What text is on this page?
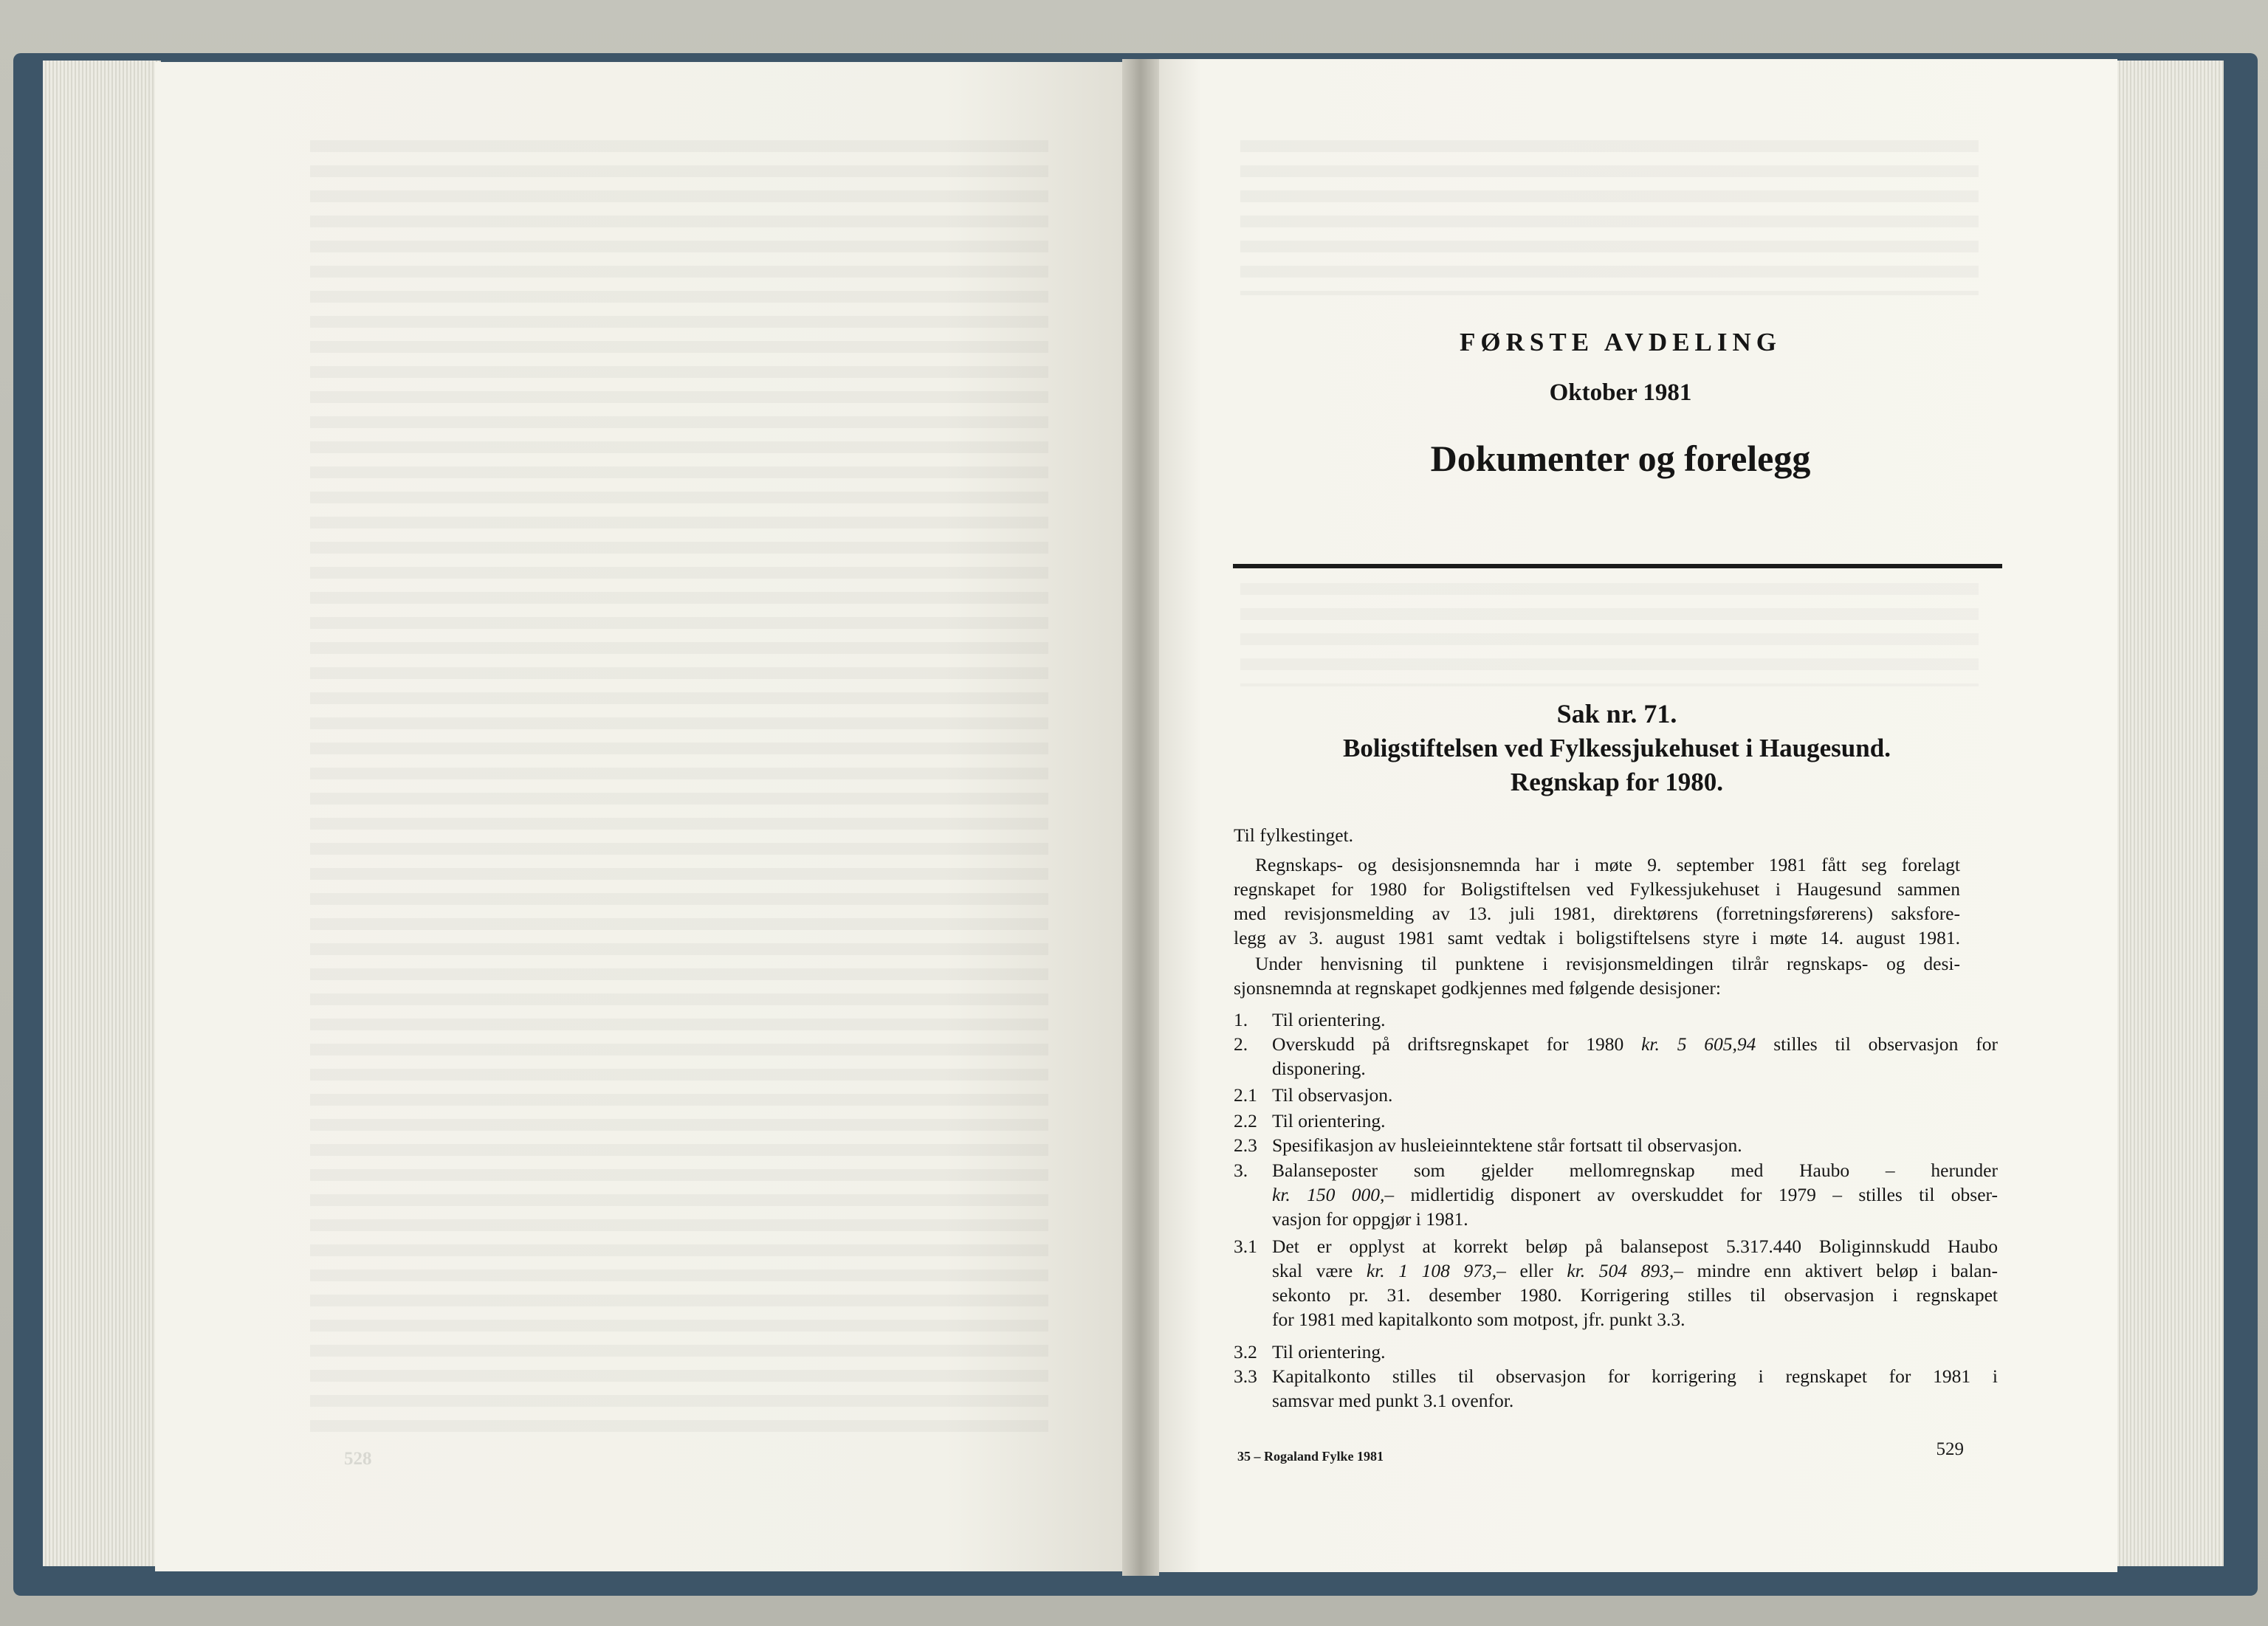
528
FØRSTE AVDELING
Oktober 1981
Dokumenter og forelegg
Sak nr. 71.
Boligstiftelsen ved Fylkessjukehuset i Haugesund.
Regnskap for 1980.
Til fylkestinget.
Regnskaps- og desisjonsnemnda har i møte 9. september 1981 fått seg forelagt
regnskapet for 1980 for Boligstiftelsen ved Fylkessjukehuset i Haugesund sammen
med revisjonsmelding av 13. juli 1981, direktørens (forretningsførerens) saksfore-
legg av 3. august 1981 samt vedtak i boligstiftelsens styre i møte 14. august 1981.
Under henvisning til punktene i revisjonsmeldingen tilrår regnskaps- og desi-
sjonsnemnda at regnskapet godkjennes med følgende desisjoner:
1.	Til orientering.
2.	Overskudd på driftsregnskapet for 1980 kr. 5 605,94 stilles til observasjon for
disponering.
2.1 Til observasjon.
2.2 Til orientering.
2.3 Spesifikasjon av husleieinntektene står fortsatt til observasjon.
3.	Balanseposter som gjelder mellomregnskap med Haubo – herunder
kr. 150 000,– midlertidig disponert av overskuddet for 1979 – stilles til obser-
vasjon for oppgjør i 1981.
3.1 Det er opplyst at korrekt beløp på balansepost 5.317.440 Boliginnskudd Haubo
skal være kr. 1 108 973,– eller kr. 504 893,– mindre enn aktivert beløp i balan-
sekonto pr. 31. desember 1980. Korrigering stilles til observasjon i regnskapet
for 1981 med kapitalkonto som motpost, jfr. punkt 3.3.
3.2 Til orientering.
3.3 Kapitalkonto stilles til observasjon for korrigering i regnskapet for 1981 i
samsvar med punkt 3.1 ovenfor.
35 – Rogaland Fylke 1981	529
